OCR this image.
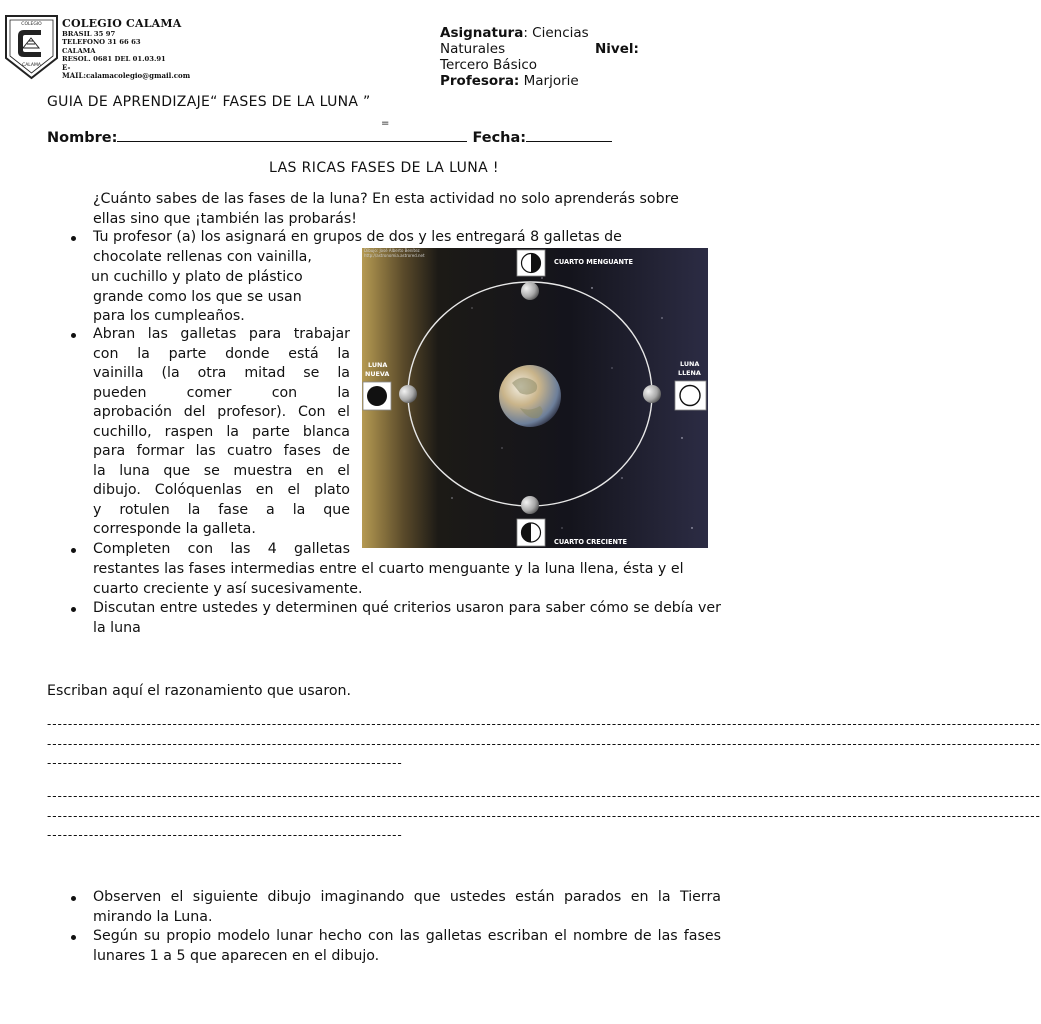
COLEGIO
CALAMA
COLEGIO CALAMA
BRASIL 35 97
TELEFONO 31 66 63
CALAMA
RESOL. 0681 DEL 01.03.91
E-MAIL:calamacolegio@gmail.com
Asignatura: Ciencias
Naturales	Nivel:
Tercero Básico
Profesora: Marjorie
GUIA DE APRENDIZAJE“ FASES DE LA LUNA ”
=
Nombre:	Fecha:
LAS RICAS FASES DE LA LUNA !
¿Cuánto sabes de las fases de la luna? En esta actividad no solo aprenderás sobre ellas sino que ¡también las probarás!
Tu profesor (a) los asignará en grupos de dos y les entregará 8 galletas de
chocolate rellenas con vainilla,
un cuchillo y plato de plástico
grande como los que se usan
para los cumpleaños.
Abran las galletas para trabajar
con la parte donde está la
vainilla (la otra mitad se la
pueden comer con la
aprobación del profesor). Con el
cuchillo, raspen la parte blanca
para formar las cuatro fases de
la luna que se muestra en el
dibujo. Colóquenlas en el plato
y rotulen la fase a la que
corresponde la galleta.
Completen con las 4 galletas
restantes las fases intermedias entre el cuarto menguante y la luna llena, ésta y el cuarto creciente y así sucesivamente.
Discutan entre ustedes y determinen qué criterios usaron para saber cómo se debía ver la luna
Escriban aquí el razonamiento que usaron.
----------------------------------------------------------------------------------------------------------------------------------------------------------------------------------------------
----------------------------------------------------------------------------------------------------------------------------------------------------------------------------------------------
--------------------------------------------------------------------
----------------------------------------------------------------------------------------------------------------------------------------------------------------------------------------------
----------------------------------------------------------------------------------------------------------------------------------------------------------------------------------------------
--------------------------------------------------------------------
Observen el siguiente dibujo imaginando que ustedes están parados en la Tierra mirando la Luna.
Según su propio modelo lunar hecho con las galletas escriban el nombre de las fases lunares 1 a 5 que aparecen en el dibujo.
Dibujo: José Alberto Benítez
http://astronomia.astrored.net
CUARTO MENGUANTE
CUARTO CRECIENTE
LUNA
NUEVA
LUNA
LLENA
